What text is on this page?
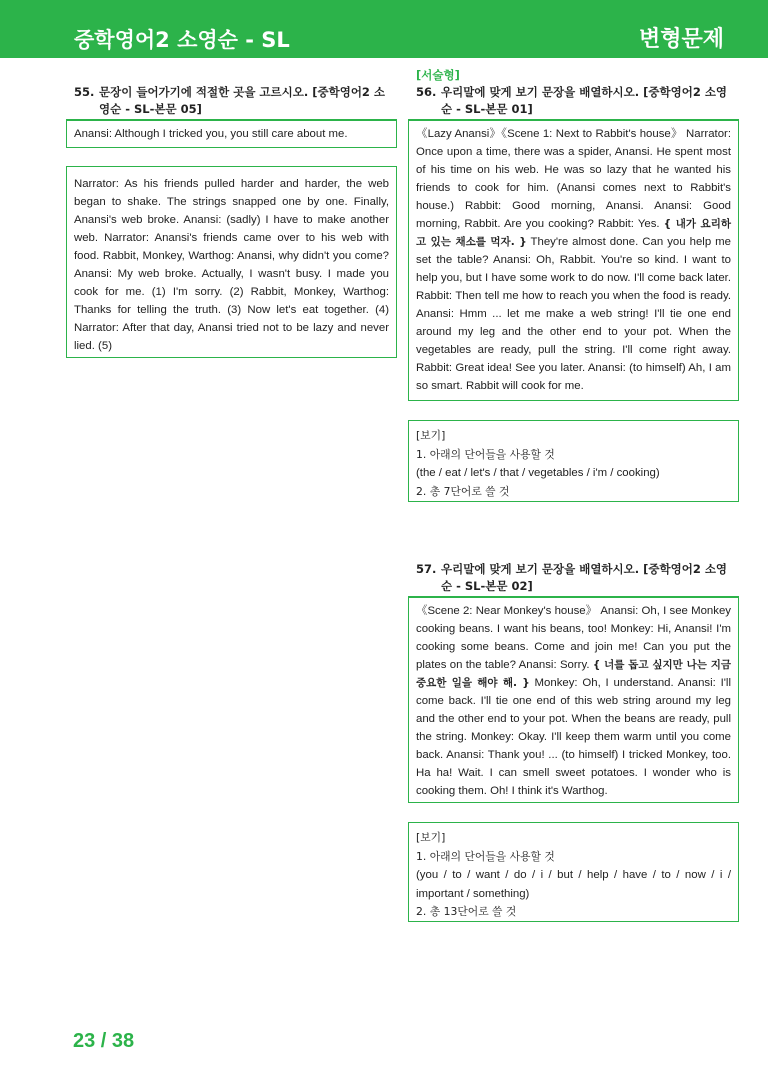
중학영어2 소영순 - SL	변형문제
55. 문장이 들어가기에 적절한 곳을 고르시오. [중학영어2 소영순 - SL-본문 05]
Anansi: Although I tricked you, you still care about me.
Narrator: As his friends pulled harder and harder, the web began to shake. The strings snapped one by one. Finally, Anansi's web broke. Anansi: (sadly) I have to make another web. Narrator: Anansi's friends came over to his web with food. Rabbit, Monkey, Warthog: Anansi, why didn't you come? Anansi: My web broke. Actually, I wasn't busy. I made you cook for me. (1) I'm sorry. (2) Rabbit, Monkey, Warthog: Thanks for telling the truth. (3) Now let's eat together. (4) Narrator: After that day, Anansi tried not to be lazy and never lied. (5)
[서술형]
56. 우리말에 맞게 보기 문장을 배열하시오. [중학영어2 소영순 - SL-본문 01]
《Lazy Anansi》《Scene 1: Next to Rabbit's house》 Narrator: Once upon a time, there was a spider, Anansi. He spent most of his time on his web. He was so lazy that he wanted his friends to cook for him. (Anansi comes next to Rabbit's house.) Rabbit: Good morning, Anansi. Anansi: Good morning, Rabbit. Are you cooking? Rabbit: Yes. { 내가 요리하고 있는 채소를 먹자. } They're almost done. Can you help me set the table? Anansi: Oh, Rabbit. You're so kind. I want to help you, but I have some work to do now. I'll come back later. Rabbit: Then tell me how to reach you when the food is ready. Anansi: Hmm ... let me make a web string! I'll tie one end around my leg and the other end to your pot. When the vegetables are ready, pull the string. I'll come right away. Rabbit: Great idea! See you later. Anansi: (to himself) Ah, I am so smart. Rabbit will cook for me.
[보기]
1. 아래의 단어들을 사용할 것
(the / eat / let's / that / vegetables / i'm / cooking)
2. 총 7단어로 쓸 것
57. 우리말에 맞게 보기 문장을 배열하시오. [중학영어2 소영순 - SL-본문 02]
《Scene 2: Near Monkey's house》 Anansi: Oh, I see Monkey cooking beans. I want his beans, too! Monkey: Hi, Anansi! I'm cooking some beans. Come and join me! Can you put the plates on the table? Anansi: Sorry. { 너를 돕고 싶지만 나는 지금 중요한 일을 해야 해. } Monkey: Oh, I understand. Anansi: I'll come back. I'll tie one end of this web string around my leg and the other end to your pot. When the beans are ready, pull the string. Monkey: Okay. I'll keep them warm until you come back. Anansi: Thank you! ... (to himself) I tricked Monkey, too. Ha ha! Wait. I can smell sweet potatoes. I wonder who is cooking them. Oh! I think it's Warthog.
[보기]
1. 아래의 단어들을 사용할 것
(you / to / want / do / i / but / help / have / to / now / i / important / something)
2. 총 13단어로 쓸 것
23 / 38
